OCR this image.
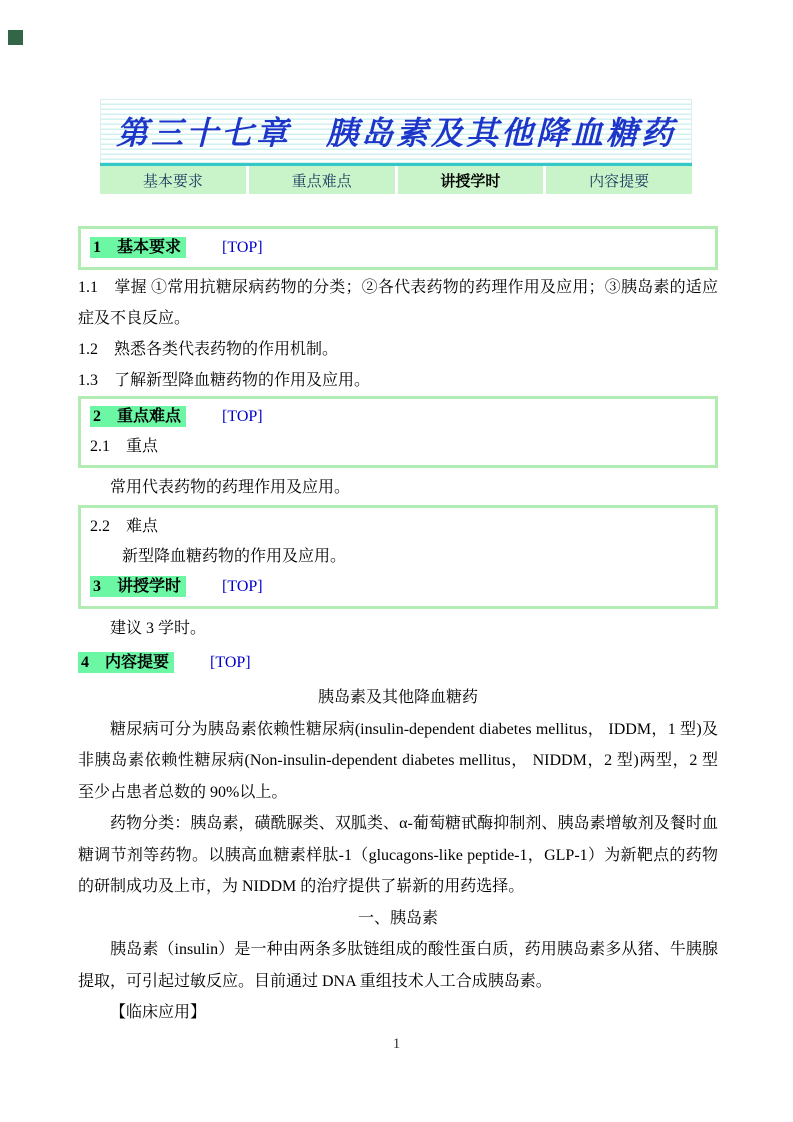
第三十七章　胰岛素及其他降血糖药
基本要求	重点难点	讲授学时	内容提要
1　基本要求	[TOP]

1.1　掌握 ①常用抗糖尿病药物的分类；②各代表药物的药理作用及应用；③胰岛素的适应症及不良反应。

1.2　熟悉各类代表药物的作用机制。

1.3　了解新型降血糖药物的作用及应用。

2　重点难点	[TOP]
2.1　重点

常用代表药物的药理作用及应用。

2.2　难点
新型降血糖药物的作用及应用。
3　讲授学时	[TOP]

建议 3 学时。

4　内容提要	[TOP]

胰岛素及其他降血糖药

糖尿病可分为胰岛素依赖性糖尿病(insulin-dependent diabetes mellitus， IDDM，1 型)及非胰岛素依赖性糖尿病(Non-insulin-dependent diabetes mellitus， NIDDM，2 型)两型，2 型至少占患者总数的 90%以上。

药物分类：胰岛素，磺酰脲类、双胍类、α-葡萄糖甙酶抑制剂、胰岛素增敏剂及餐时血糖调节剂等药物。以胰高血糖素样肽-1（glucagons-like peptide-1，GLP-1）为新靶点的药物的研制成功及上市，为 NIDDM 的治疗提供了崭新的用药选择。

一、胰岛素

胰岛素（insulin）是一种由两条多肽链组成的酸性蛋白质，药用胰岛素多从猪、牛胰腺提取，可引起过敏反应。目前通过 DNA 重组技术人工合成胰岛素。

【临床应用】

1
